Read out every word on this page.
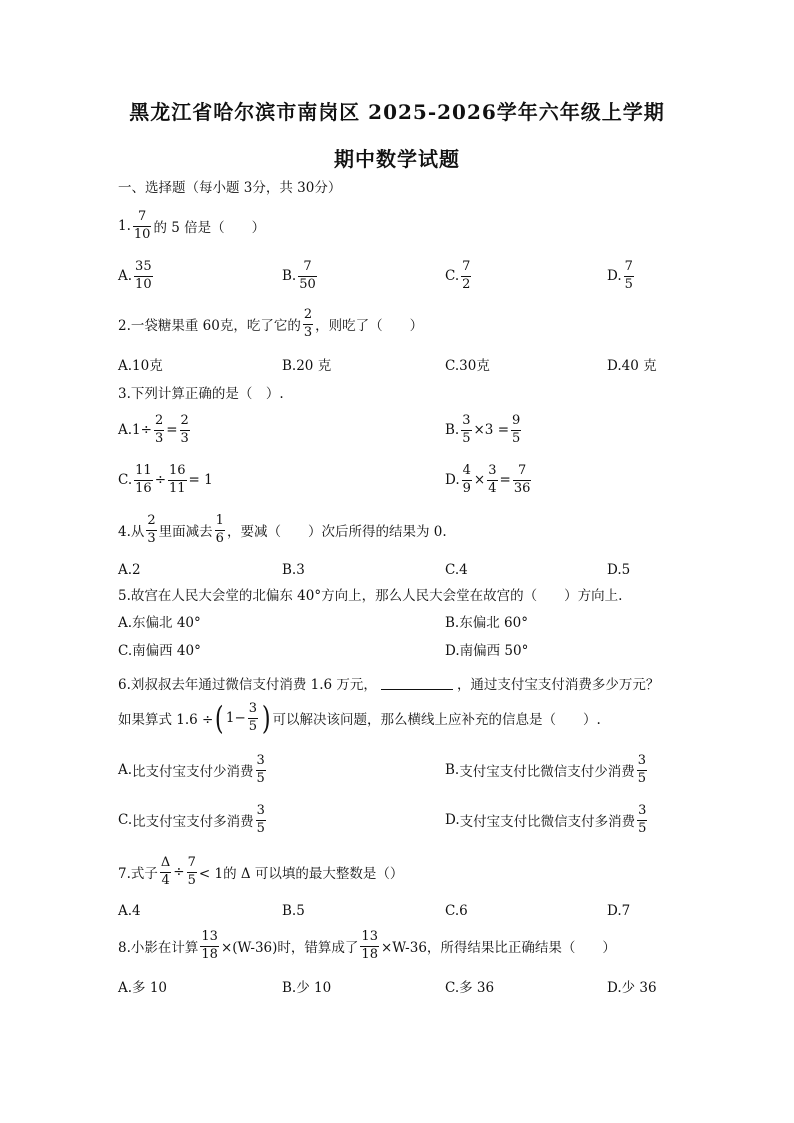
黑龙江省哈尔滨市南岗区 2025-2026学年六年级上学期
期中数学试题
一、选择题（每小题 3分，共 30分）
1. $\frac{7}{10}$ 的 5 倍是（　　）
A. $\frac{35}{10}$	B. $\frac{7}{50}$	C. $\frac{7}{2}$	D. $\frac{7}{5}$
2.一袋糖果重 60克，吃了它的 $\frac{2}{3}$ ，则吃了（　　）
A.10克	B.20 克	C.30克	D.40 克
3.下列计算正确的是（　）.
A. $1\div \frac{2}{3} = \frac{2}{3}$	B. $\frac{3}{5} \times 3 = \frac{9}{5}$
C. $\frac{11}{16} \div \frac{16}{11} = 1$	D. $\frac{4}{9} \times \frac{3}{4} = \frac{7}{36}$
4.从 $\frac{2}{3}$ 里面减去 $\frac{1}{6}$ ，要减（　　）次后所得的结果为 0.
A.2	B.3	C.4	D.5
5.故宫在人民大会堂的北偏东 40°方向上，那么人民大会堂在故宫的（　　）方向上.
A.东偏北 40°	B.东偏北 60°
C.南偏西 40°	D.南偏西 50°
6.刘叔叔去年通过微信支付消费 1.6 万元，	，通过支付宝支付消费多少万元？
如果算式 1.6 ÷ ( $1- \frac{3}{5}$ ) 可以解决该问题，那么横线上应补充的信息是（　　）.
A. 比支付宝支付少消费 $\frac{3}{5}$	B. 支付宝支付比微信支付少消费 $\frac{3}{5}$
C. 比支付宝支付多消费 $\frac{3}{5}$	D. 支付宝支付比微信支付多消费 $\frac{3}{5}$
7.式子 $\frac{\Delta}{4} \div \frac{7}{5} < 1$的 Δ 可以填的最大整数是（）
A.4	B.5	C.6	D.7
8.小影在计算 $\frac{13}{18} \times(W-36)$时，错算成了 $\frac{13}{18} \times W-36$，所得结果比正确结果（　　）
A.多 10	B.少 10	C.多 36	D.少 36
